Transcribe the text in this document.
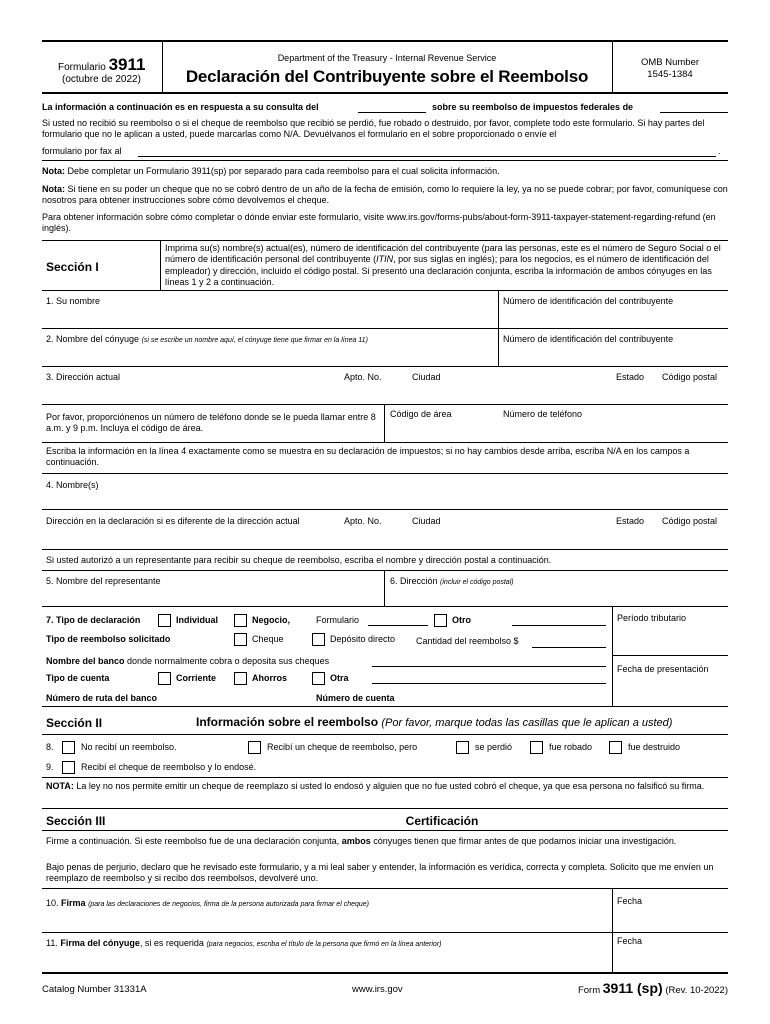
Formulario 3911
(octubre de 2022)
Department of the Treasury - Internal Revenue Service
Declaración del Contribuyente sobre el Reembolso
OMB Number
1545-1384
La información a continuación es en respuesta a su consulta del	sobre su reembolso de impuestos federales de
Si usted no recibió su reembolso o si el cheque de reembolso que recibió se perdió, fue robado o destruido, por favor, complete todo este formulario. Si hay partes del formulario que no le aplican a usted, puede marcarlas como N/A. Devuélvanos el formulario en el sobre proporcionado o envíe el
formulario por fax al	.
Nota: Debe completar un Formulario 3911(sp) por separado para cada reembolso para el cual solicita información.
Nota: Si tiene en su poder un cheque que no se cobró dentro de un año de la fecha de emisión, como lo requiere la ley, ya no se puede cobrar; por favor, comuníquese con nosotros para obtener instrucciones sobre cómo devolvemos el cheque.
Para obtener información sobre cómo completar o dónde enviar este formulario, visite www.irs.gov/forms-pubs/about-form-3911-taxpayer-statement-regarding-refund (en inglés).
Sección I
Imprima su(s) nombre(s) actual(es), número de identificación del contribuyente (para las personas, este es el número de Seguro Social o el número de identificación personal del contribuyente (ITIN, por sus siglas en inglés); para los negocios, es el número de identificación del empleador) y dirección, incluido el código postal. Si presentó una declaración conjunta, escriba la información de ambos cónyuges en las líneas 1 y 2 a continuación.
1. Su nombre	Número de identificación del contribuyente
2. Nombre del cónyuge (si se escribe un nombre aquí, el cónyuge tiene que firmar en la línea 11)	Número de identificación del contribuyente
3. Dirección actual	Apto. No.	Ciudad	Estado Código postal
Por favor, proporciónenos un número de teléfono donde se le pueda llamar entre 8 a.m. y 9 p.m. Incluya el código de área.
Código de área	Número de teléfono
Escriba la información en la línea 4 exactamente como se muestra en su declaración de impuestos; si no hay cambios desde arriba, escriba N/A en los campos a continuación.
4. Nombre(s)
Dirección en la declaración si es diferente de la dirección actual	Apto. No.	Ciudad	Estado Código postal
Si usted autorizó a un representante para recibir su cheque de reembolso, escriba el nombre y dirección postal a continuación.
5. Nombre del representante	6. Dirección (incluir el código postal)
7. Tipo de declaración	Individual	Negocio,	Formulario	Otro	Período tributario
Fecha de presentación
Tipo de reembolso solicitado	Cheque	Depósito directo Cantidad del reembolso $
Nombre del banco donde normalmente cobra o deposita sus cheques
Tipo de cuenta	Corriente	Ahorros	Otra
Número de ruta del banco	Número de cuenta
Sección II	Información sobre el reembolso (Por favor, marque todas las casillas que le aplican a usted)
8.	No recibí un reembolso.	Recibí un cheque de reembolso, pero	se perdió	fue robado	fue destruido
9.	Recibí el cheque de reembolso y lo endosé.
NOTA: La ley no nos permite emitir un cheque de reemplazo si usted lo endosó y alguien que no fue usted cobró el cheque, ya que esa persona no falsificó su firma.
Sección III	Certificación
Firme a continuación. Si este reembolso fue de una declaración conjunta, ambos cónyuges tienen que firmar antes de que podamos iniciar una investigación.
Bajo penas de perjurio, declaro que he revisado este formulario, y a mi leal saber y entender, la información es verídica, correcta y completa. Solicito que me envíen un reemplazo de reembolso y si recibo dos reembolsos, devolveré uno.
10. Firma (para las declaraciones de negocios, firma de la persona autorizada para firmar el cheque)	Fecha
11. Firma del cónyuge, si es requerida (para negocios, escriba el título de la persona que firmó en la línea anterior)	Fecha
Catalog Number 31331A	www.irs.gov	Form 3911 (sp) (Rev. 10-2022)
